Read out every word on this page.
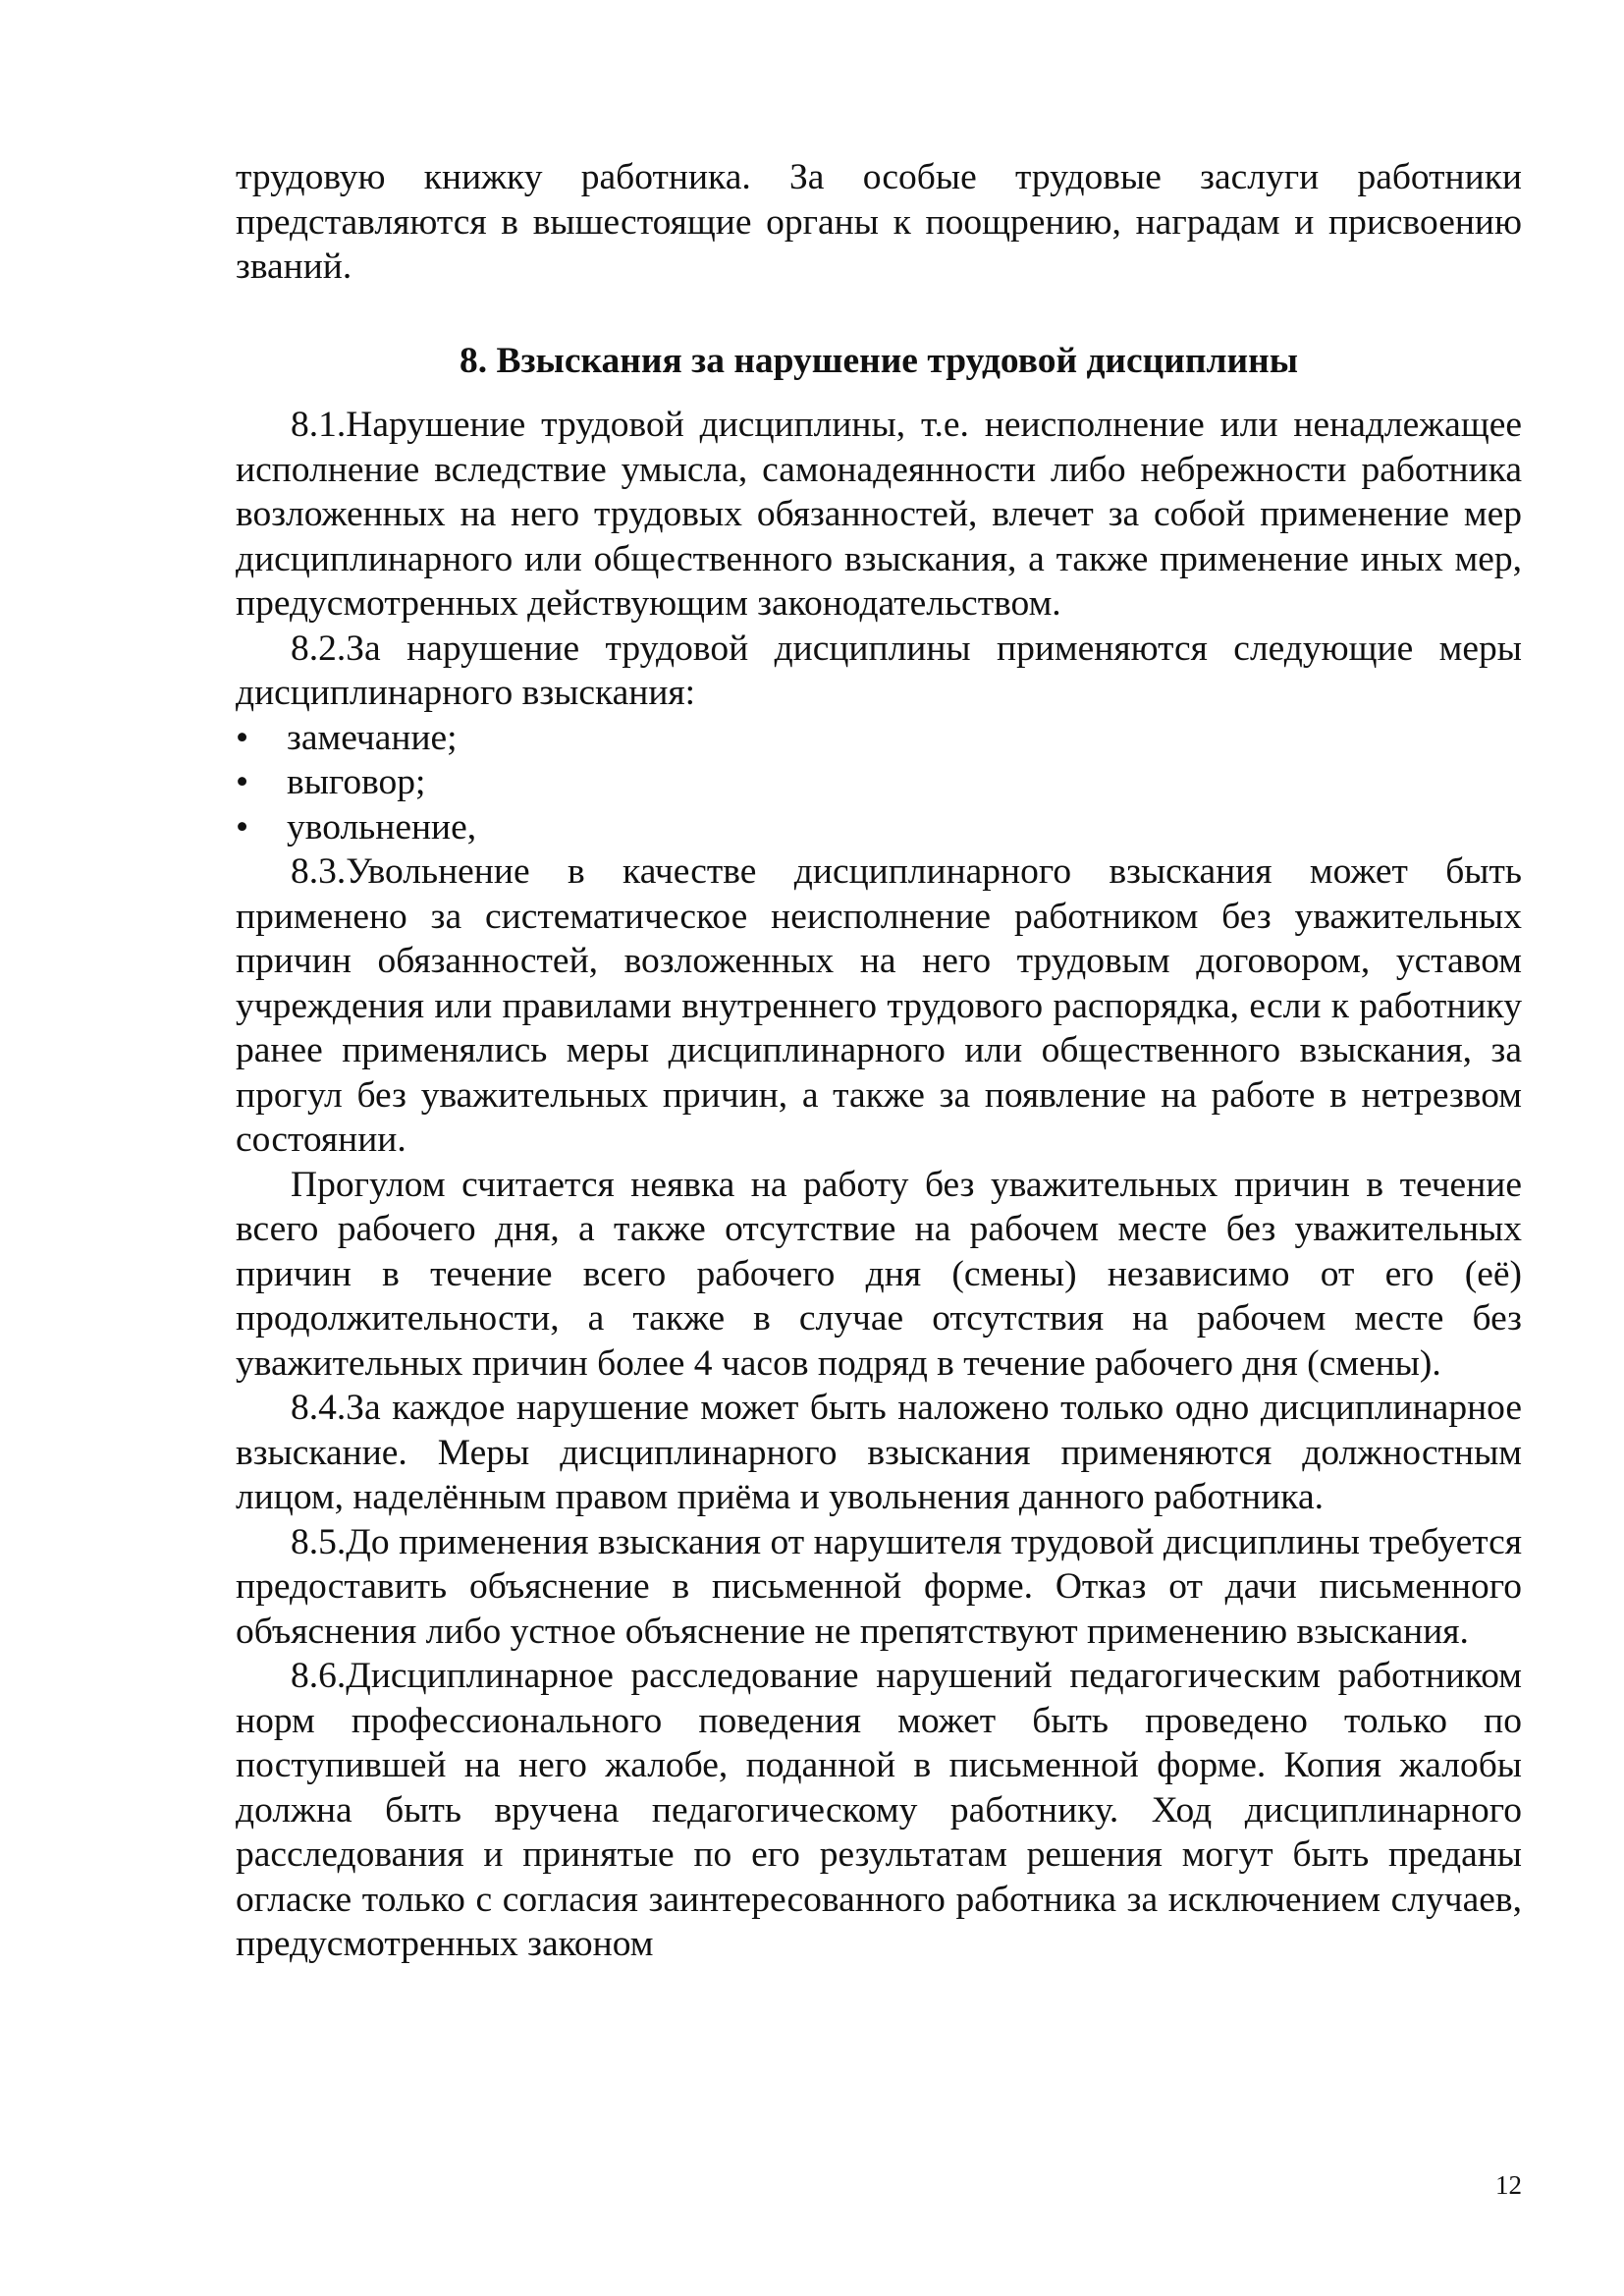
трудовую книжку работника. За особые трудовые заслуги работники представляются в вышестоящие органы к поощрению, наградам и присвоению званий.

8. Взыскания за нарушение трудовой дисциплины

8.1.Нарушение трудовой дисциплины, т.е. неисполнение или ненадлежащее исполнение вследствие умысла, самонадеянности либо небрежности работника возложенных на него трудовых обязанностей, влечет за собой применение мер дисциплинарного или общественного взыскания, а также применение иных мер, предусмотренных действующим законодательством.

8.2.За нарушение трудовой дисциплины применяются следующие меры дисциплинарного взыскания:

• замечание;
• выговор;
• увольнение,

8.3.Увольнение в качестве дисциплинарного взыскания может быть применено за систематическое неисполнение работником без уважительных причин обязанностей, возложенных на него трудовым договором, уставом учреждения или правилами внутреннего трудового распорядка, если к работнику ранее применялись меры дисциплинарного или общественного взыскания, за прогул без уважительных причин, а также за появление на работе в нетрезвом состоянии.

Прогулом считается неявка на работу без уважительных причин в течение всего рабочего дня, а также отсутствие на рабочем месте без уважительных причин в течение всего рабочего дня (смены) независимо от его (её) продолжительности, а также в случае отсутствия на рабочем месте без уважительных причин более 4 часов подряд в течение рабочего дня (смены).

8.4.За каждое нарушение может быть наложено только одно дисциплинарное взыскание. Меры дисциплинарного взыскания применяются должностным лицом, наделённым правом приёма и увольнения данного работника.

8.5.До применения взыскания от нарушителя трудовой дисциплины требуется предоставить объяснение в письменной форме. Отказ от дачи письменного объяснения либо устное объяснение не препятствуют применению взыскания.

8.6.Дисциплинарное расследование нарушений педагогическим работником норм профессионального поведения может быть проведено только по поступившей на него жалобе, поданной в письменной форме. Копия жалобы должна быть вручена педагогическому работнику. Ход дисциплинарного расследования и принятые по его результатам решения могут быть преданы огласке только с согласия заинтересованного работника за исключением случаев, предусмотренных законом

12
